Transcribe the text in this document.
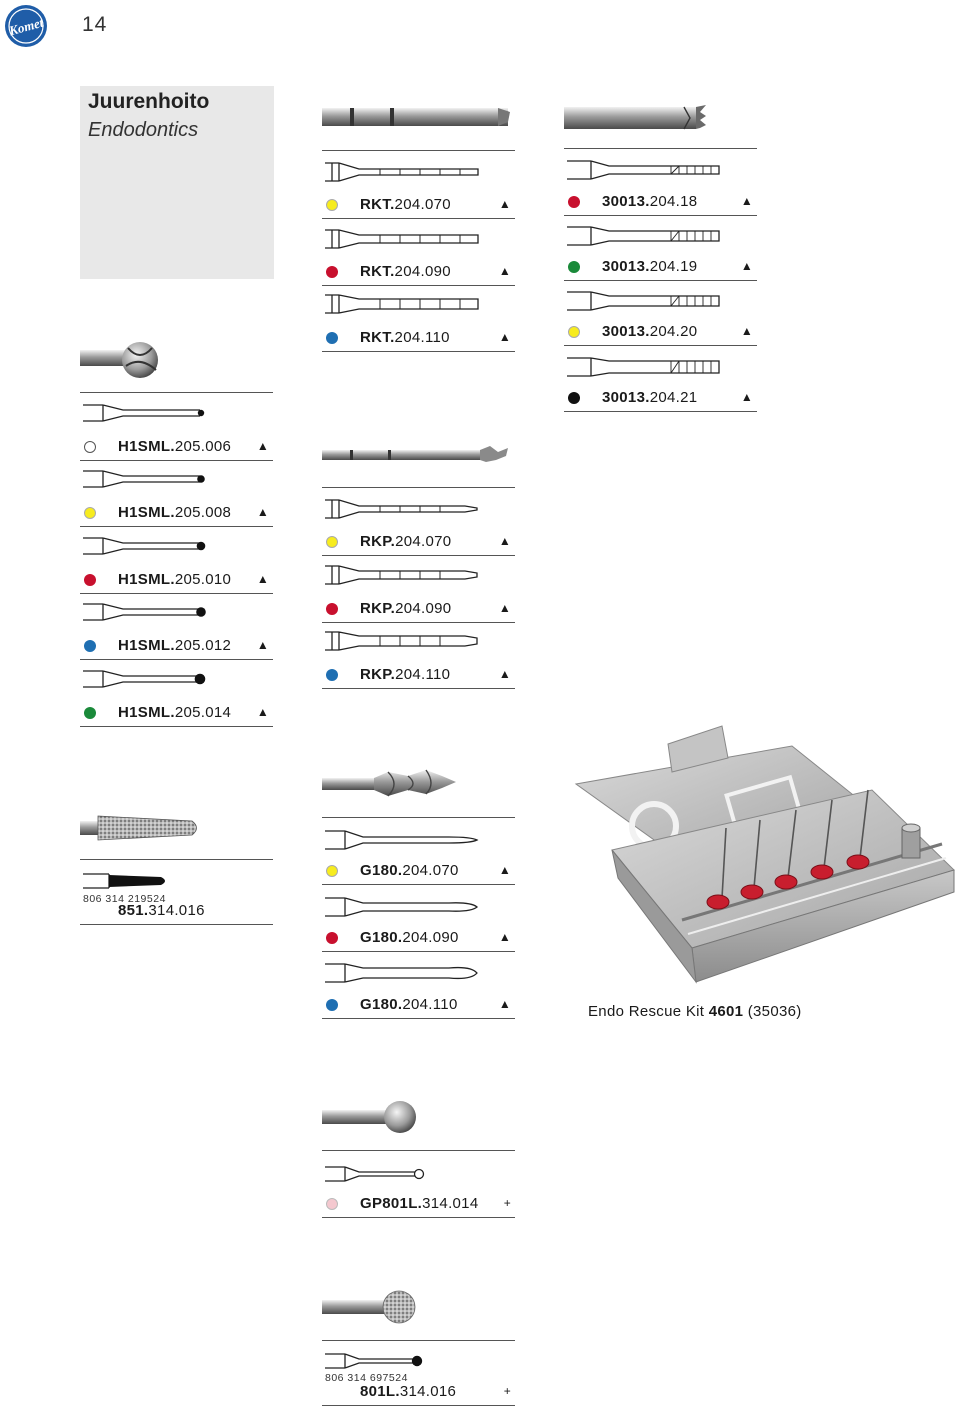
Komet 14
Juurenhoito
Endodontics
H1SML.205.006 ▲
H1SML.205.008 ▲
H1SML.205.010 ▲
H1SML.205.012 ▲
H1SML.205.014 ▲
806 314 219524
851.314.016
RKT.204.070	▲
RKT.204.090	▲
RKT.204.110	▲
RKP.204.070	▲
RKP.204.090	▲
RKP.204.110	▲
G180.204.070	▲
G180.204.090	▲
G180.204.110	▲
GP801L.314.014 +
806 314 697524
801L.314.016	+
30013.204.18	▲
30013.204.19	▲
30013.204.20	▲
30013.204.21	▲
Endo Rescue Kit 4601 (35036)
